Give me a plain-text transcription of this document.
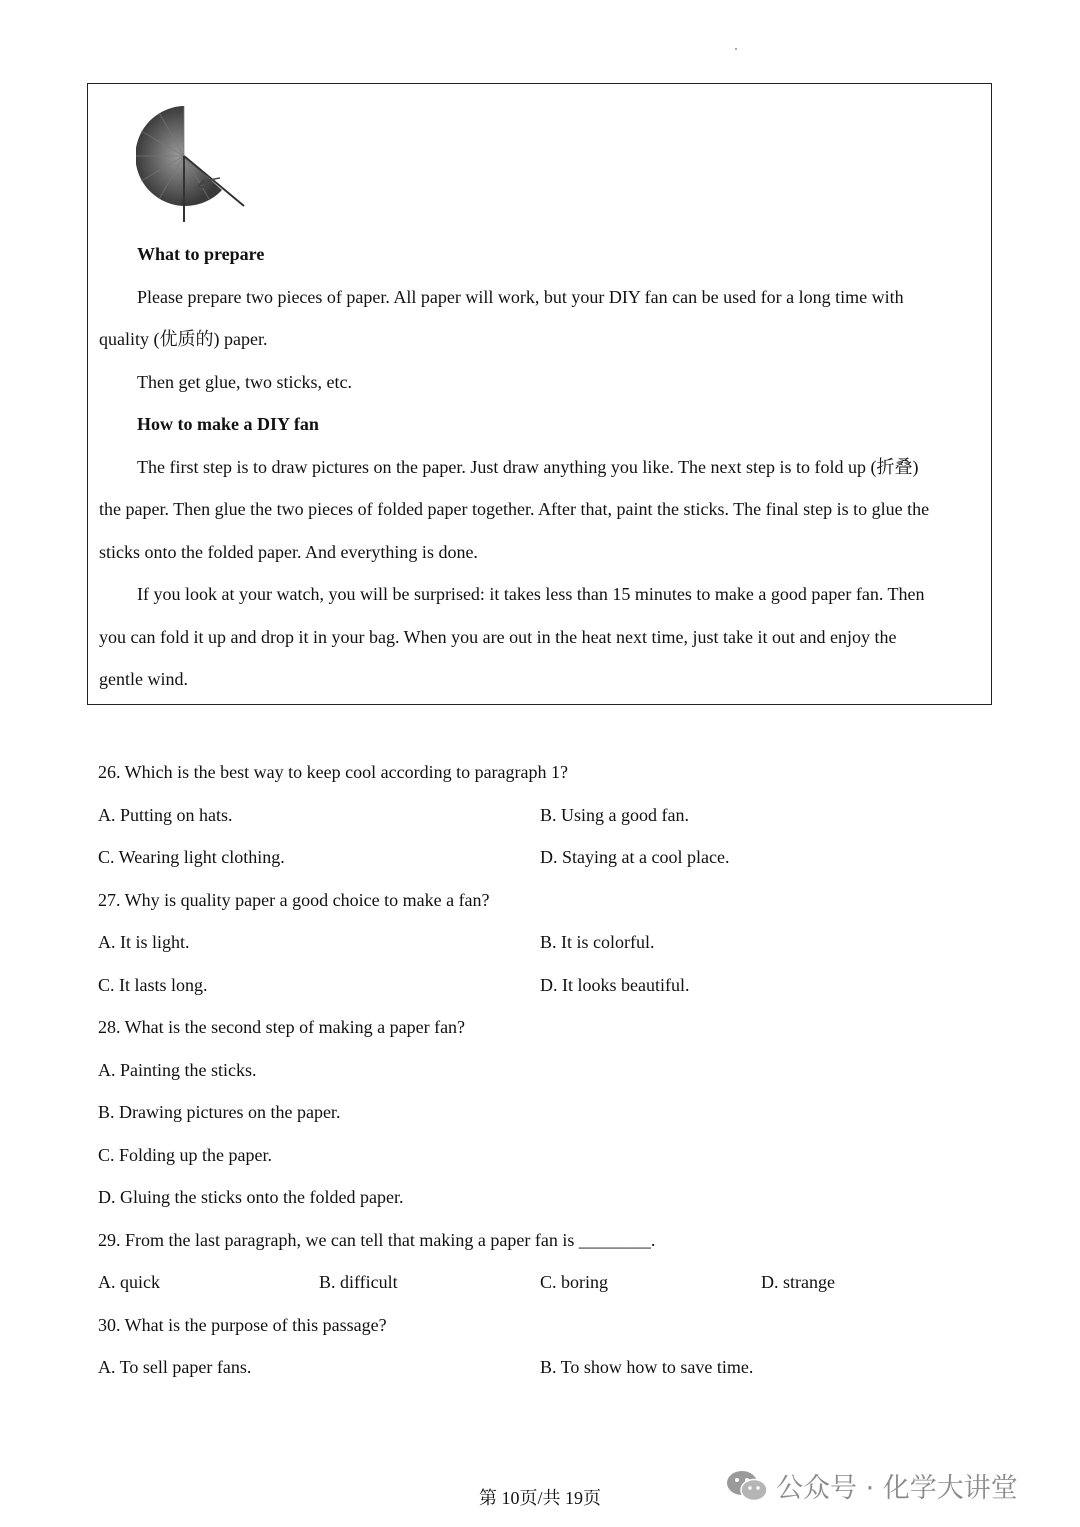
What to prepare
Please prepare two pieces of paper. All paper will work, but your DIY fan can be used for a long time with
quality (优质的) paper.
Then get glue, two sticks, etc.
How to make a DIY fan
The first step is to draw pictures on the paper. Just draw anything you like. The next step is to fold up (折叠)
the paper. Then glue the two pieces of folded paper together. After that, paint the sticks. The final step is to glue the
sticks onto the folded paper. And everything is done.
If you look at your watch, you will be surprised: it takes less than 15 minutes to make a good paper fan. Then
you can fold it up and drop it in your bag. When you are out in the heat next time, just take it out and enjoy the
gentle wind.
26. Which is the best way to keep cool according to paragraph 1?
A. Putting on hats.	B. Using a good fan.
C. Wearing light clothing.	D. Staying at a cool place.
27. Why is quality paper a good choice to make a fan?
A. It is light.	B. It is colorful.
C. It lasts long.	D. It looks beautiful.
28. What is the second step of making a paper fan?
A. Painting the sticks.
B. Drawing pictures on the paper.
C. Folding up the paper.
D. Gluing the sticks onto the folded paper.
29. From the last paragraph, we can tell that making a paper fan is ________.
A. quick	B. difficult	C. boring	D. strange
30. What is the purpose of this passage?
A. To sell paper fans.	B. To show how to save time.
第 10页/共 19页	公众号 · 化学大讲堂
